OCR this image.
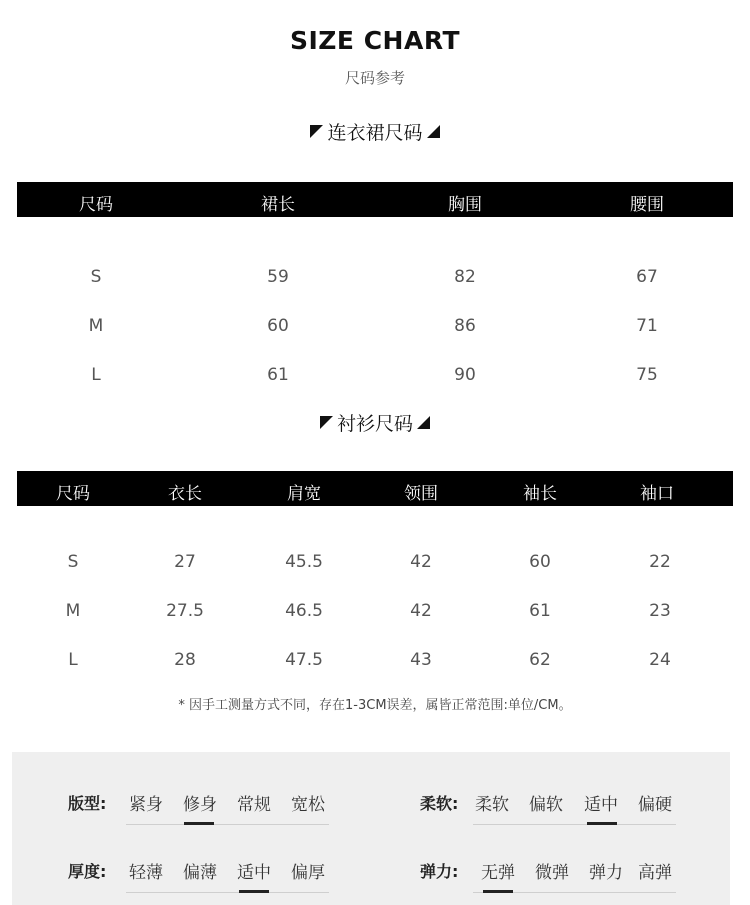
SIZE CHART
尺码参考
连衣裙尺码
尺码	裙长	胸围	腰围
S	59	82	67
M	60	86	71
L	61	90	75
衬衫尺码
尺码	衣长	肩宽	领围	袖长	袖口
S	27	45.5	42	60	22
M	27.5	46.5	42	61	23
L	28	47.5	43	62	24
* 因手工测量方式不同，存在1-3CM误差，属皆正常范围:单位/CM。
版型: 紧身 修身 常规 宽松	柔软: 柔软 偏软 适中 偏硬
厚度: 轻薄 偏薄 适中 偏厚	弹力: 无弹 微弹 弹力 高弹
